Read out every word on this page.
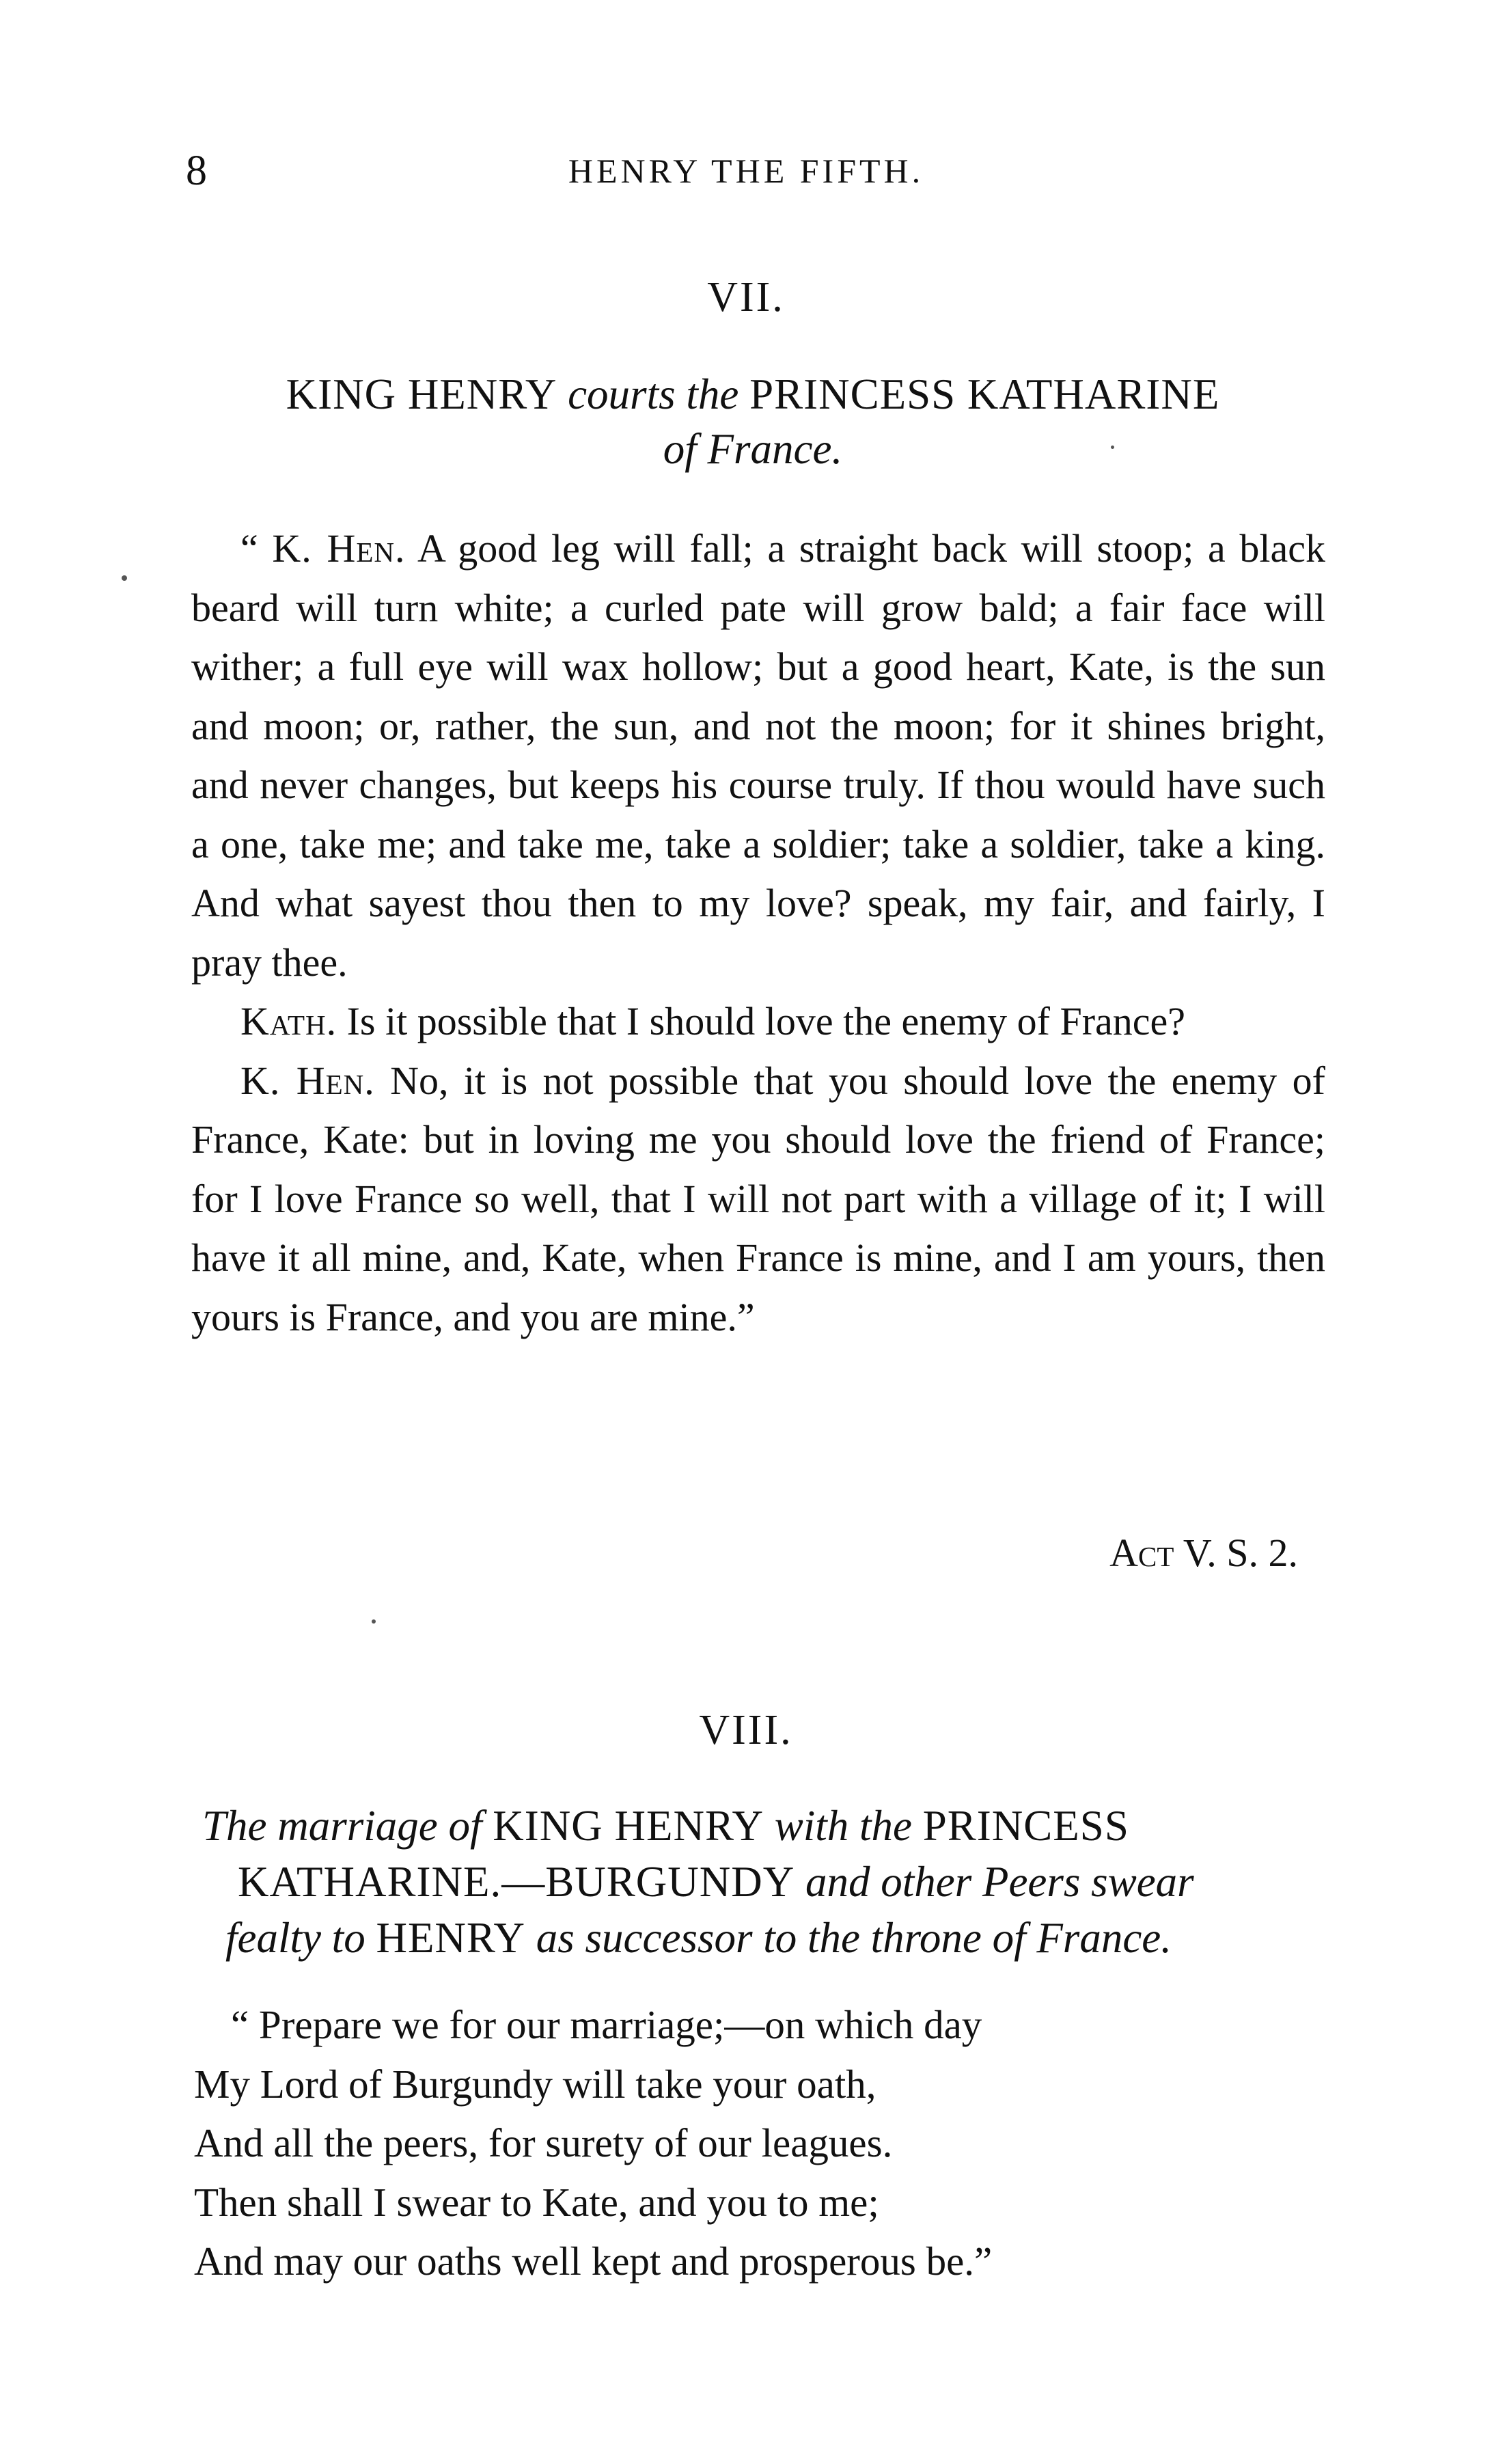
8	HENRY THE FIFTH.
VII.
KING HENRY courts the PRINCESS KATHARINE
of France.

“ K. Hen. A good leg will fall; a straight back will stoop; a black beard will turn white; a curled pate will grow bald; a fair face will wither; a full eye will wax hollow; but a good heart, Kate, is the sun and moon; or, rather, the sun, and not the moon; for it shines bright, and never changes, but keeps his course truly. If thou would have such a one, take me; and take me, take a soldier; take a soldier, take a king. And what sayest thou then to my love? speak, my fair, and fairly, I pray thee.

Kath. Is it possible that I should love the enemy of France?

K. Hen. No, it is not possible that you should love the enemy of France, Kate: but in loving me you should love the friend of France; for I love France so well, that I will not part with a village of it; I will have it all mine, and, Kate, when France is mine, and I am yours, then yours is France, and you are mine.”

Act V. S. 2.
VIII.
The marriage of KING HENRY with the PRINCESS
KATHARINE.—BURGUNDY and other Peers swear
fealty to HENRY as successor to the throne of France.
“ Prepare we for our marriage;—on which day
My Lord of Burgundy will take your oath,
And all the peers, for surety of our leagues.
Then shall I swear to Kate, and you to me;
And may our oaths well kept and prosperous be.”
